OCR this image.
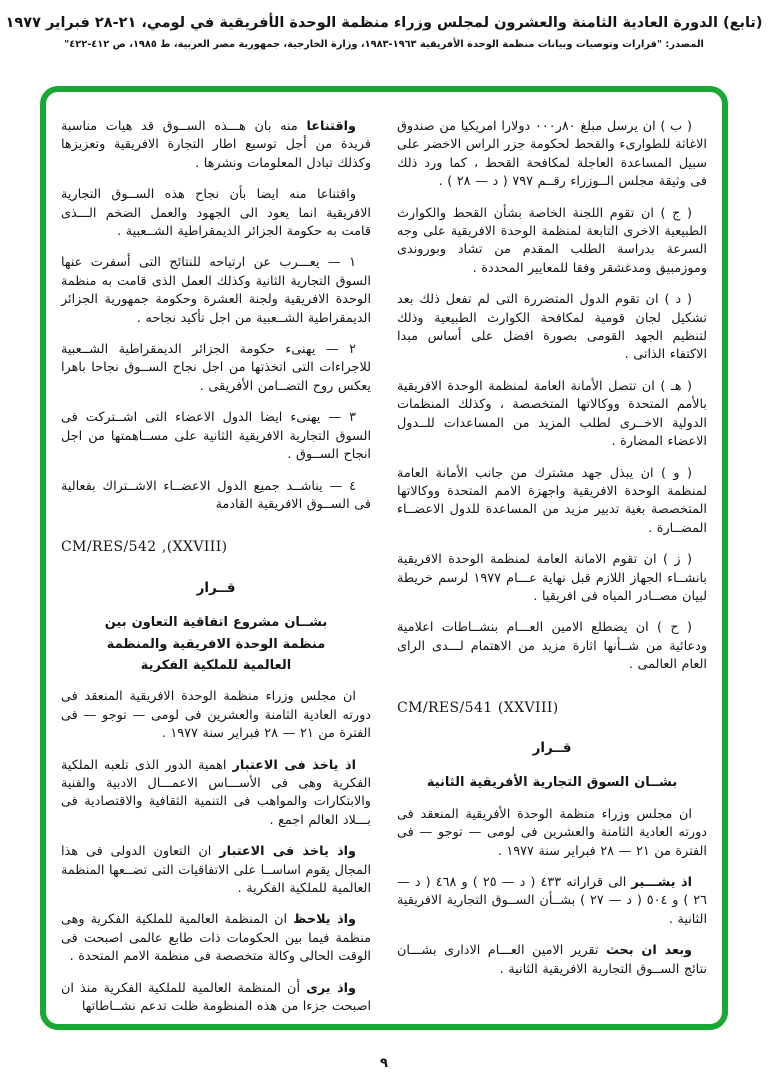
(تابع) الدورة العادية الثامنة والعشرون لمجلس وزراء منظمة الوحدة الأفريقية في لومي، ٢١-٢٨ فبراير ١٩٧٧
المصدر: "قرارات وتوصيات وبيانات منظمة الوحدة الأفريقية ١٩٦٣-١٩٨٣، وزارة الخارجية، جمهورية مصر العربية، ط ١٩٨٥، ص ٤١٢-٤٢٢"

( ب ) ان يرسل مبلغ ٨٠ر٠٠٠ دولارا امريكيا من صندوق الاغاثة للطوارىء والقحط لحكومة جزر الراس الاخضر على سبيل المساعدة العاجلة لمكافحة القحط ، كما ورد ذلك فى وثيقة مجلس الــوزراء رقــم ٧٩٧ ( د — ٢٨ ) .

( ج ) ان تقوم اللجنة الخاصة بشأن القحط والكوارث الطبيعية الاخرى التابعة لمنظمة الوحدة الافريقية على وجه السرعة بدراسة الطلب المقدم من تشاد وبوروندى وموزمبيق ومدغشقر وفقا للمعايير المحددة .

( د ) ان تقوم الدول المتضررة التى لم تفعل ذلك بعد تشكيل لجان قومية لمكافحة الكوارث الطبيعية وذلك لتنظيم الجهد القومى بصورة افضل على أساس مبدا الاكتفاء الذاتى .

( هـ ) ان تتصل الأمانة العامة لمنظمة الوحدة الافريقية بالأمم المتحدة ووكالاتها المتخصصة ، وكذلك المنظمات الدولية الاخــرى لطلب المزيد من المساعدات للــدول الاعضاء المضارة .

( و ) ان يبذل جهد مشترك من جانب الأمانة العامة لمنظمة الوحدة الافريقية واجهزة الامم المتحدة ووكالاتها المتخصصة بغية تدبير مزيد من المساعدة للدول الاعضــاء المضــارة .

( ز ) ان تقوم الامانة العامة لمنظمة الوحدة الافريقية بانشــاء الجهاز اللازم قبل نهاية عـــام ١٩٧٧ لرسم خريطة لبيان مصــادر المياه فى افريقيا .

( ح ) ان يضطلع الامين العـــام بنشــاطات اعلامية ودعائية من شــأنها اثارة مزيد من الاهتمام لـــدى الراى العام العالمى .

CM/RES/541 (XXVIII)

قــرار

بشــان السوق التجارية الأفريقية الثانية

ان مجلس وزراء منظمة الوحدة الأفريقية المنعقد فى دورته العادية الثامنة والعشرين فى لومى — توجو — فى الفترة من ٢١ — ٢٨ فبراير سنة ١٩٧٧ .

اذ يشـــير الى قراراته ٤٣٣ ( د — ٢٥ ) و ٤٦٨ ( د — ٢٦ ) و ٥٠٤ ( د — ٢٧ ) بشــأن الســوق التجارية الافريقية الثانية .

وبعد ان بحث تقرير الامين العـــام الادارى بشـــان نتائج الســوق التجارية الافريقية الثانية .

واقتناعا منه بان هـــذه الســوق قد هيات مناسبة فريدة من أجل توسيع اطار التجارة الافريقية وتعزيزها وكذلك تبادل المعلومات ونشرها .

واقتناعا منه ايضا بأن نجاح هذه الســوق التجارية الافريقية انما يعود الى الجهود والعمل الضخم الـــذى قامت به حكومة الجزائر الديمقراطية الشــعبية .

١ — يعـــرب عن ارتياحه للنتائج التى أسفرت عنها السوق التجارية الثانية وكذلك العمل الذى قامت به منظمة الوحدة الافريقية ولجنة العشرة وحكومة جمهورية الجزائر الديمقراطية الشــعبية من اجل تأكيد نجاحه .

٢ — يهنىء حكومة الجزائر الديمقراطية الشــعبية للاجراءات التى اتخذتها من اجل نجاح الســوق نجاحا باهرا يعكس روح التضــامن الأفريقى .

٣ — يهنىء ايضا الدول الاعضاء التى اشــتركت فى السوق التجارية الافريقية الثانية على مســاهمتها من اجل انجاح الســوق .

٤ — يناشــد جميع الدول الاعضــاء الاشــتراك بفعالية فى الســوق الافريقية القادمة

CM/RES/542 ,(XXVIII)

قــرار

بشــان مشروع اتفاقية التعاون بين

منظمة الوحدة الافريقية والمنظمة

العالمية للملكية الفكرية

ان مجلس وزراء منظمة الوحدة الافريقية المنعقد فى دورته العادية الثامنة والعشرين فى لومى — توجو — فى الفترة من ٢١ — ٢٨ فبراير سنة ١٩٧٧ .

اذ ياخذ فى الاعتبار اهمية الدور الذى تلعبه الملكية الفكرية وهى فى الأســـاس الاعمـــال الادبية والفنية والابتكارات والمواهب فى التنمية الثقافية والاقتصادية فى بـــلاد العالم اجمع .

واذ ياخذ فى الاعتبار ان التعاون الدولى فى هذا المجال يقوم اساســا على الاتفاقيات التى تضــعها المنظمة العالمية للملكية الفكرية .

واذ يلاحظ ان المنظمة العالمية للملكية الفكرية وهى منظمة فيما بين الحكومات ذات طابع عالمى اصبحت فى الوقت الحالى وكالة متخصصة فى منظمة الامم المتحدة .

واذ يرى أن المنظمة العالمية للملكية الفكرية منذ ان اصبحت جزءا من هذه المنظومة ظلت تدعم نشــاطاتها

٩
